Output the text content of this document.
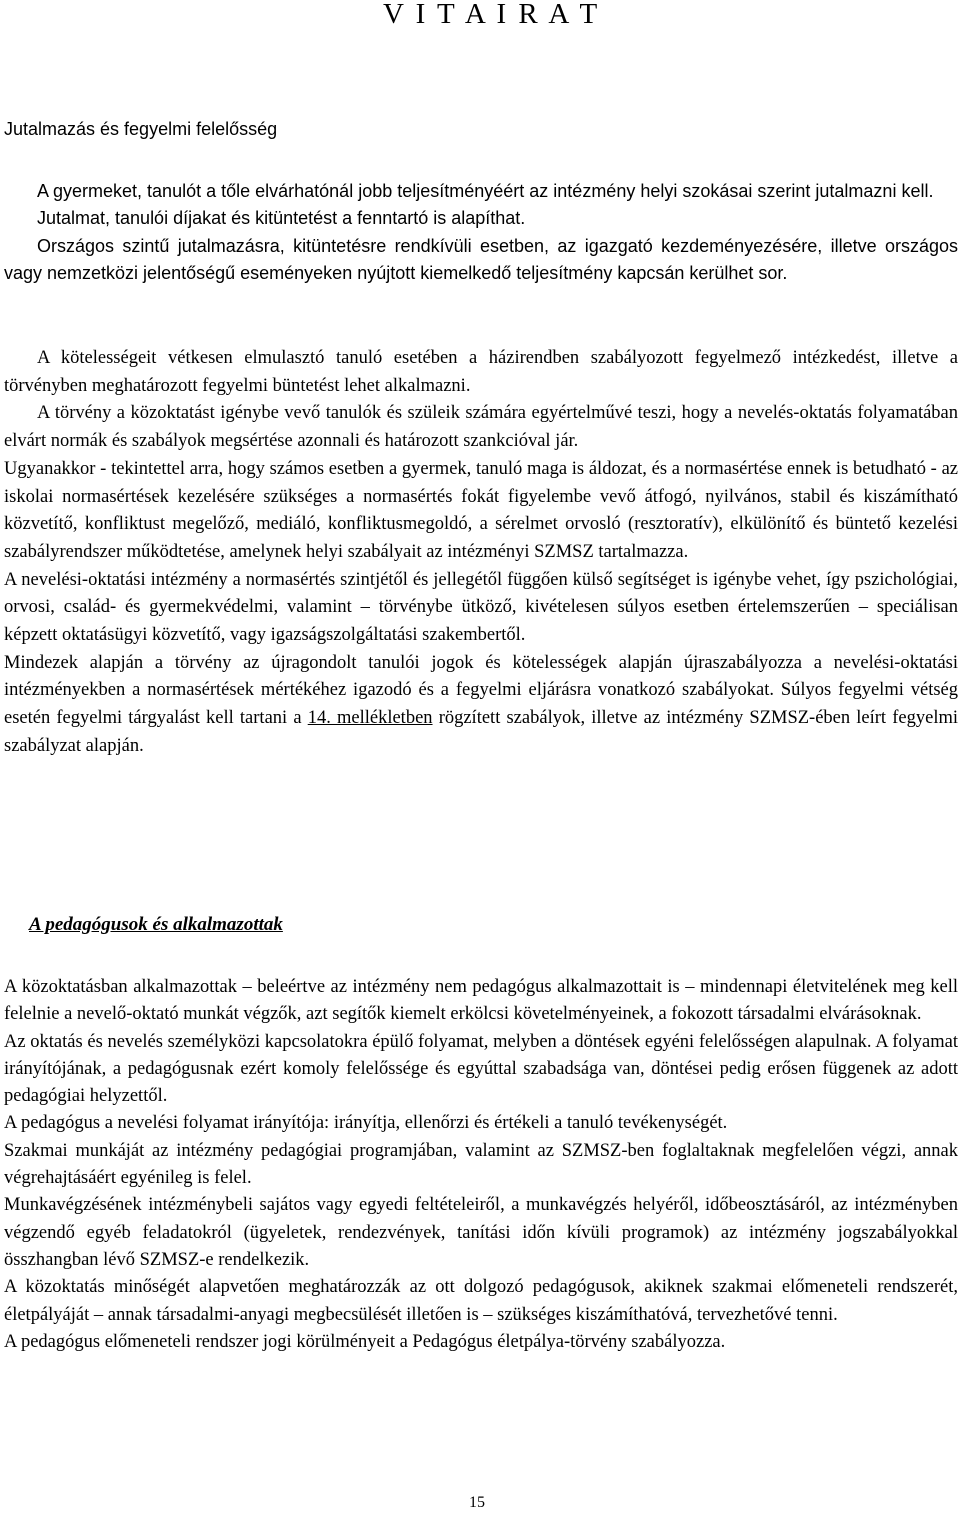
V I T A I R A T
Jutalmazás és fegyelmi felelősség

A gyermeket, tanulót a tőle elvárhatónál jobb teljesítményéért az intézmény helyi szokásai szerint jutalmazni kell.

Jutalmat, tanulói díjakat és kitüntetést a fenntartó is alapíthat.

Országos szintű jutalmazásra, kitüntetésre rendkívüli esetben, az igazgató kezdeményezésére, illetve országos vagy nemzetközi jelentőségű eseményeken nyújtott kiemelkedő teljesítmény kapcsán kerülhet sor.

A kötelességeit vétkesen elmulasztó tanuló esetében a házirendben szabályozott fegyelmező intézkedést, illetve a törvényben meghatározott fegyelmi büntetést lehet alkalmazni.

A törvény a közoktatást igénybe vevő tanulók és szüleik számára egyértelművé teszi, hogy a nevelés-oktatás folyamatában elvárt normák és szabályok megsértése azonnali és határozott szankcióval jár.

Ugyanakkor - tekintettel arra, hogy számos esetben a gyermek, tanuló maga is áldozat, és a normasértése ennek is betudható - az iskolai normasértések kezelésére szükséges a normasértés fokát figyelembe vevő átfogó, nyilvános, stabil és kiszámítható közvetítő, konfliktust megelőző, mediáló, konfliktusmegoldó, a sérelmet orvosló (resztoratív), elkülönítő és büntető kezelési szabályrendszer működtetése, amelynek helyi szabályait az intézményi SZMSZ tartalmazza.

A nevelési-oktatási intézmény a normasértés szintjétől és jellegétől függően külső segítséget is igénybe vehet, így pszichológiai, orvosi, család- és gyermekvédelmi, valamint – törvénybe ütköző, kivételesen súlyos esetben értelemszerűen – speciálisan képzett oktatásügyi közvetítő, vagy igazságszolgáltatási szakembertől.

Mindezek alapján a törvény az újragondolt tanulói jogok és kötelességek alapján újraszabályozza a nevelési-oktatási intézményekben a normasértések mértékéhez igazodó és a fegyelmi eljárásra vonatkozó szabályokat. Súlyos fegyelmi vétség esetén fegyelmi tárgyalást kell tartani a 14. mellékletben rögzített szabályok, illetve az intézmény SZMSZ-ében leírt fegyelmi szabályzat alapján.

A pedagógusok és alkalmazottak

A közoktatásban alkalmazottak – beleértve az intézmény nem pedagógus alkalmazottait is – mindennapi életvitelének meg kell felelnie a nevelő-oktató munkát végzők, azt segítők kiemelt erkölcsi követelményeinek, a fokozott társadalmi elvárásoknak.

Az oktatás és nevelés személyközi kapcsolatokra épülő folyamat, melyben a döntések egyéni felelősségen alapulnak. A folyamat irányítójának, a pedagógusnak ezért komoly felelőssége és egyúttal szabadsága van, döntései pedig erősen függenek az adott pedagógiai helyzettől.

A pedagógus a nevelési folyamat irányítója: irányítja, ellenőrzi és értékeli a tanuló tevékenységét.

Szakmai munkáját az intézmény pedagógiai programjában, valamint az SZMSZ-ben foglaltaknak megfelelően végzi, annak végrehajtásáért egyénileg is felel.

Munkavégzésének intézménybeli sajátos vagy egyedi feltételeiről, a munkavégzés helyéről, időbeosztásáról, az intézményben végzendő egyéb feladatokról (ügyeletek, rendezvények, tanítási időn kívüli programok) az intézmény jogszabályokkal összhangban lévő SZMSZ-e rendelkezik.

A közoktatás minőségét alapvetően meghatározzák az ott dolgozó pedagógusok, akiknek szakmai előmeneteli rendszerét, életpályáját – annak társadalmi-anyagi megbecsülését illetően is – szükséges kiszámíthatóvá, tervezhetővé tenni.

A pedagógus előmeneteli rendszer jogi körülményeit a Pedagógus életpálya-törvény szabályozza.

15
